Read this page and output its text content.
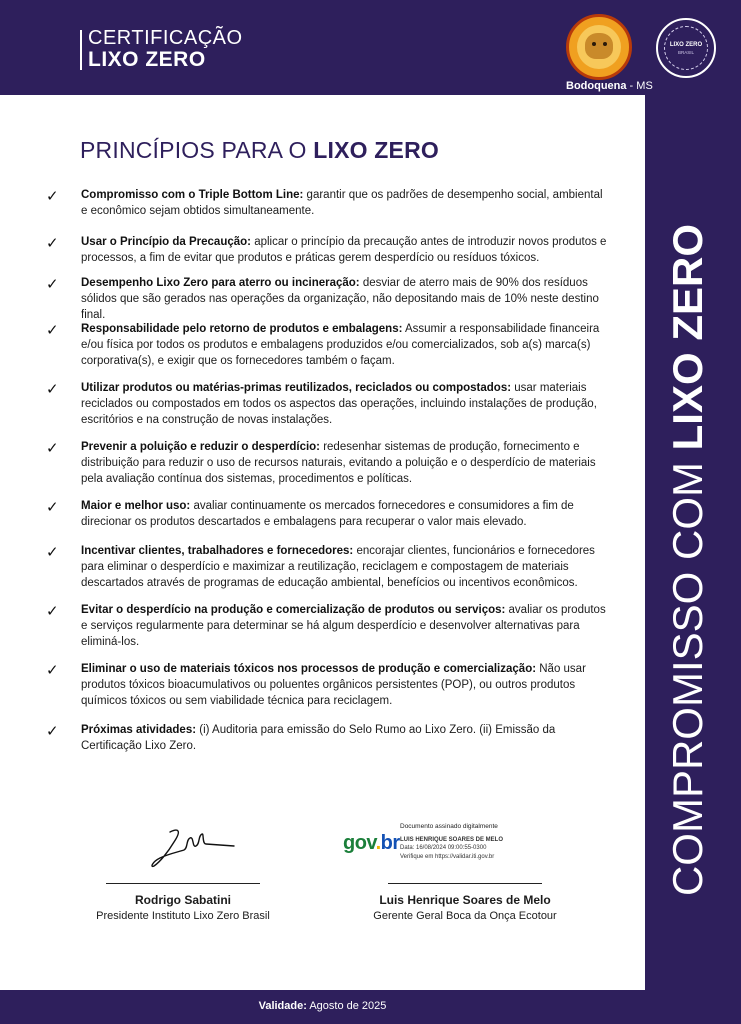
CERTIFICAÇÃO
LIXO ZERO
LIXO ZERO
BRASIL
Bodoquena - MS
PRINCÍPIOS PARA O LIXO ZERO
✓ Compromisso com o Triple Bottom Line: garantir que os padrões de desempenho social, ambiental e econômico sejam obtidos simultaneamente.
✓ Usar o Princípio da Precaução: aplicar o princípio da precaução antes de introduzir novos produtos e processos, a fim de evitar que produtos e práticas gerem desperdício ou resíduos tóxicos.
✓ Desempenho Lixo Zero para aterro ou incineração: desviar de aterro mais de 90% dos resíduos sólidos que são gerados nas operações da organização, não depositando mais de 10% neste destino final.
✓ Responsabilidade pelo retorno de produtos e embalagens: Assumir a responsabilidade financeira e/ou física por todos os produtos e embalagens produzidos e/ou comercializados, sob a(s) marca(s) corporativa(s), e exigir que os fornecedores também o façam.
✓ Utilizar produtos ou matérias-primas reutilizados, reciclados ou compostados: usar materiais reciclados ou compostados em todos os aspectos das operações, incluindo instalações de produção, escritórios e na construção de novas instalações.
✓ Prevenir a poluição e reduzir o desperdício: redesenhar sistemas de produção, fornecimento e distribuição para reduzir o uso de recursos naturais, evitando a poluição e o desperdício de materiais pela avaliação contínua dos sistemas, procedimentos e políticas.
✓ Maior e melhor uso: avaliar continuamente os mercados fornecedores e consumidores a fim de direcionar os produtos descartados e embalagens para recuperar o valor mais elevado.
✓ Incentivar clientes, trabalhadores e fornecedores: encorajar clientes, funcionários e fornecedores para eliminar o desperdício e maximizar a reutilização, reciclagem e compostagem de materiais descartados através de programas de educação ambiental, benefícios ou incentivos econômicos.
✓ Evitar o desperdício na produção e comercialização de produtos ou serviços: avaliar os produtos e serviços regularmente para determinar se há algum desperdício e desenvolver alternativas para eliminá-los.
✓ Eliminar o uso de materiais tóxicos nos processos de produção e comercialização: Não usar produtos tóxicos bioacumulativos ou poluentes orgânicos persistentes (POP), ou outros produtos químicos tóxicos ou sem viabilidade técnica para reciclagem.
✓ Próximas atividades: (i) Auditoria para emissão do Selo Rumo ao Lixo Zero. (ii) Emissão da Certificação Lixo Zero.
Rodrigo Sabatini
Presidente Instituto Lixo Zero Brasil
gov.br
Documento assinado digitalmente
LUIS HENRIQUE SOARES DE MELO
Data: 16/08/2024 09:00:55-0300
Verifique em https://validar.iti.gov.br
Luis Henrique Soares de Melo
Gerente Geral Boca da Onça Ecotour
COMPROMISSO COM LIXO ZERO
Validade: Agosto de 2025
